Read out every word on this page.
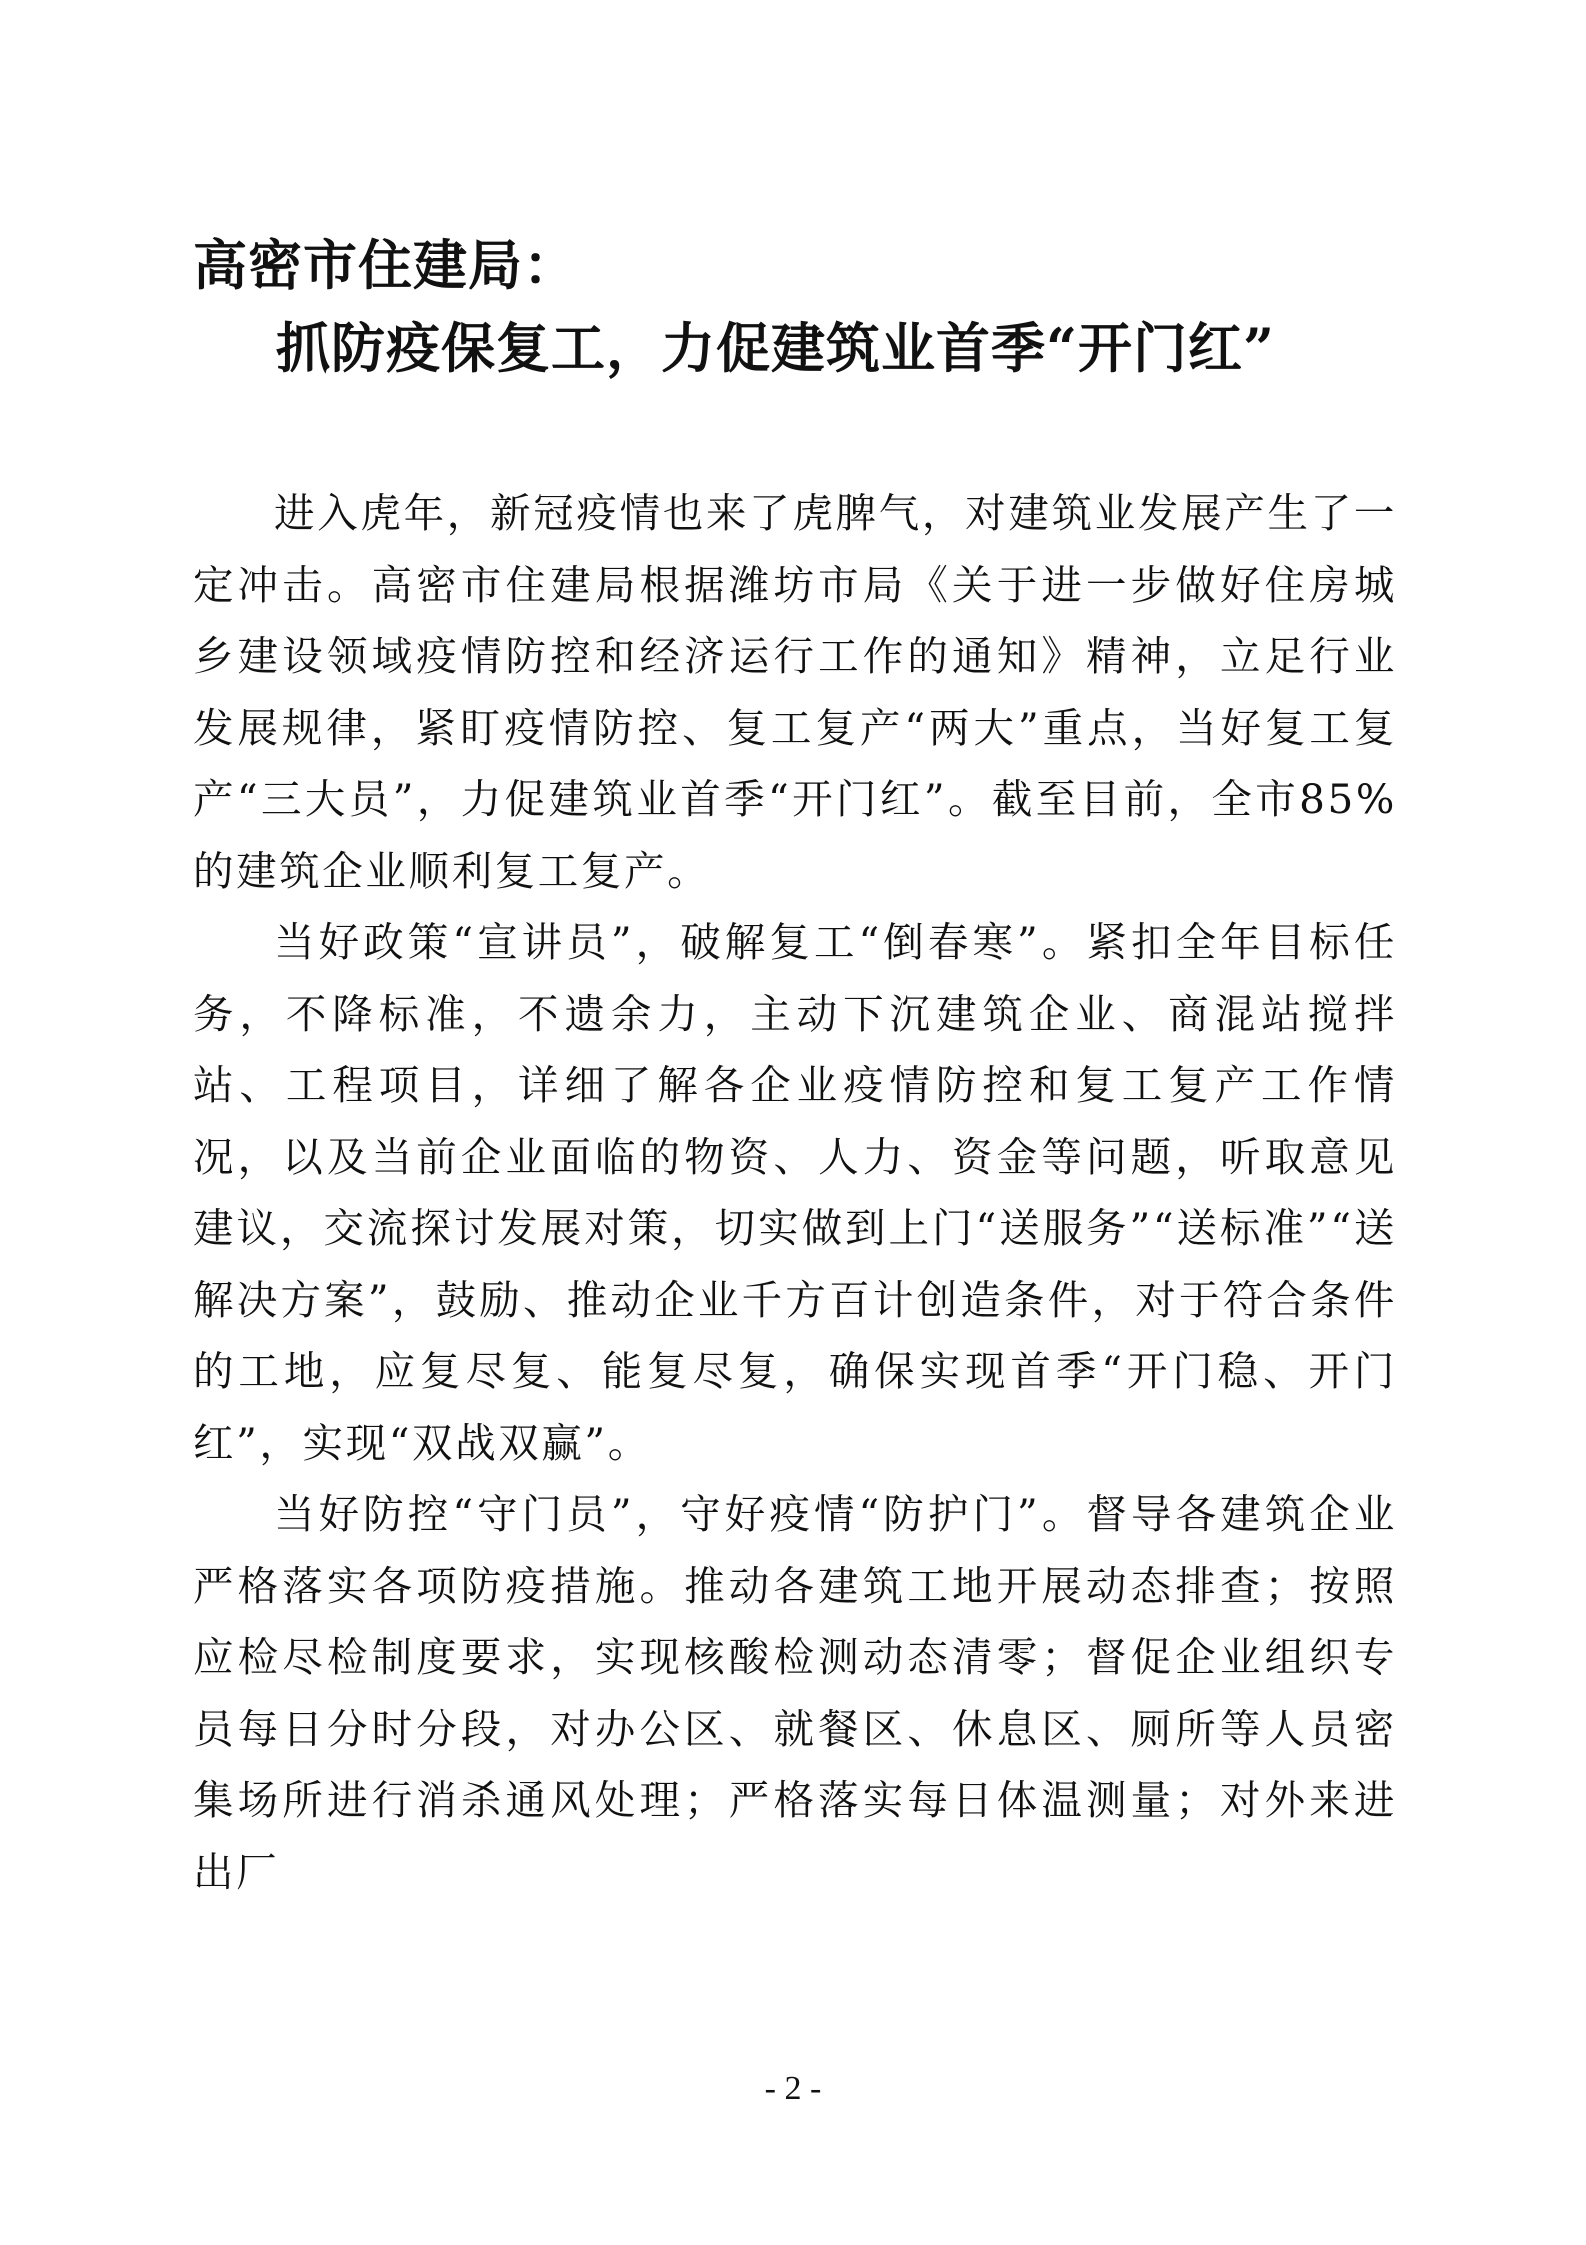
高密市住建局：
抓防疫保复工，力促建筑业首季“开门红”

进入虎年，新冠疫情也来了虎脾气，对建筑业发展产生了一定冲击。高密市住建局根据潍坊市局《关于进一步做好住房城乡建设领域疫情防控和经济运行工作的通知》精神，立足行业发展规律，紧盯疫情防控、复工复产“两大”重点，当好复工复产“三大员”，力促建筑业首季“开门红”。截至目前，全市85%的建筑企业顺利复工复产。

当好政策“宣讲员”，破解复工“倒春寒”。紧扣全年目标任务，不降标准，不遗余力，主动下沉建筑企业、商混站搅拌站、工程项目，详细了解各企业疫情防控和复工复产工作情况，以及当前企业面临的物资、人力、资金等问题，听取意见建议，交流探讨发展对策，切实做到上门“送服务”“送标准”“送解决方案”，鼓励、推动企业千方百计创造条件，对于符合条件的工地，应复尽复、能复尽复，确保实现首季“开门稳、开门红”，实现“双战双赢”。

当好防控“守门员”，守好疫情“防护门”。督导各建筑企业严格落实各项防疫措施。推动各建筑工地开展动态排查；按照应检尽检制度要求，实现核酸检测动态清零；督促企业组织专员每日分时分段，对办公区、就餐区、休息区、厕所等人员密集场所进行消杀通风处理；严格落实每日体温测量；对外来进出厂

- 2 -
